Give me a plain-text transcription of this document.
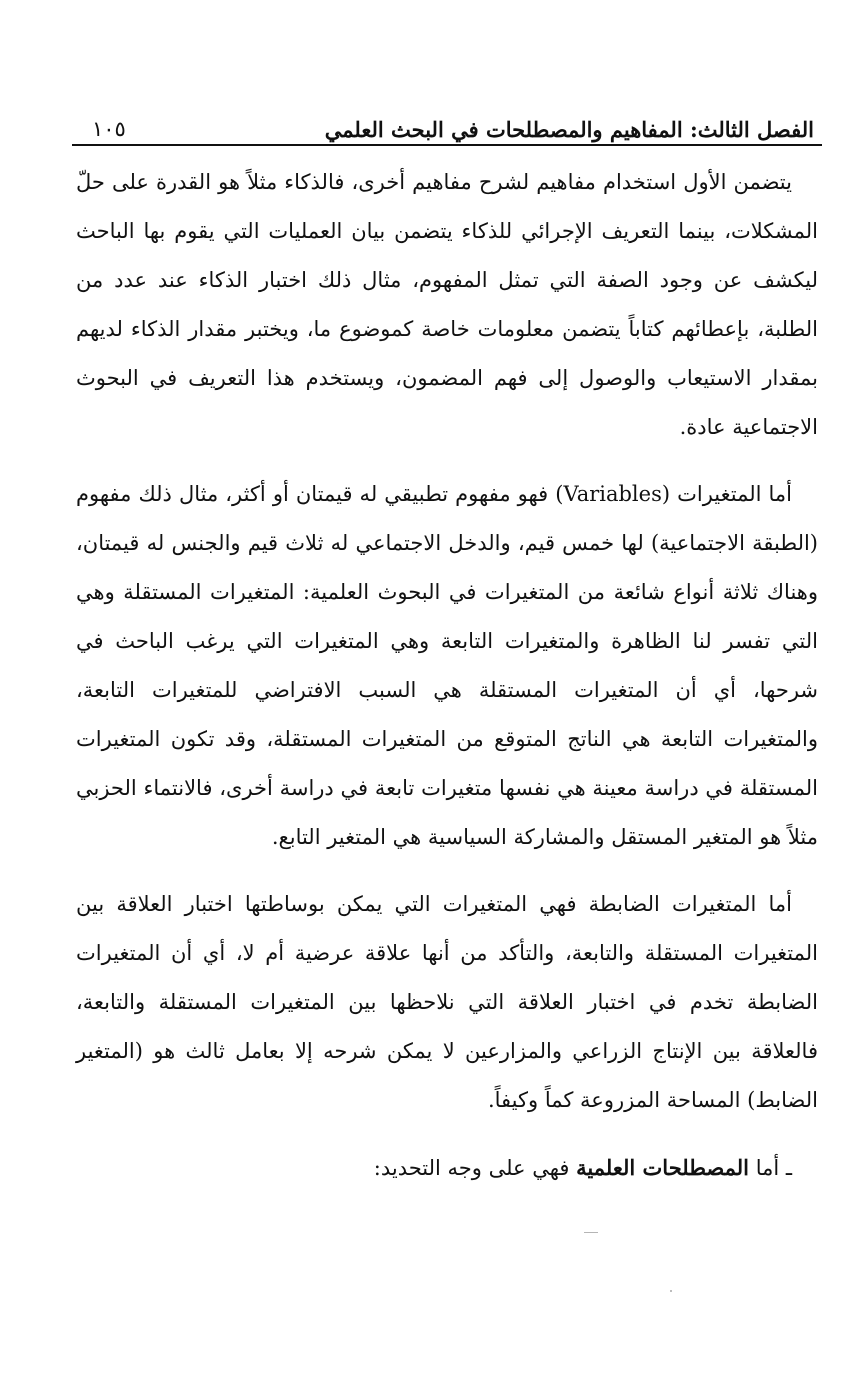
الفصل الثالث: المفاهيم والمصطلحات في البحث العلمي
١٠٥

يتضمن الأول استخدام مفاهيم لشرح مفاهيم أخرى، فالذكاء مثلاً هو القدرة على حلّ المشكلات، بينما التعريف الإجرائي للذكاء يتضمن بيان العمليات التي يقوم بها الباحث ليكشف عن وجود الصفة التي تمثل المفهوم، مثال ذلك اختبار الذكاء عند عدد من الطلبة، بإعطائهم كتاباً يتضمن معلومات خاصة كموضوع ما، ويختبر مقدار الذكاء لديهم بمقدار الاستيعاب والوصول إلى فهم المضمون، ويستخدم هذا التعريف في البحوث الاجتماعية عادة.

أما المتغيرات (Variables) فهو مفهوم تطبيقي له قيمتان أو أكثر، مثال ذلك مفهوم (الطبقة الاجتماعية) لها خمس قيم، والدخل الاجتماعي له ثلاث قيم والجنس له قيمتان، وهناك ثلاثة أنواع شائعة من المتغيرات في البحوث العلمية: المتغيرات المستقلة وهي التي تفسر لنا الظاهرة والمتغيرات التابعة وهي المتغيرات التي يرغب الباحث في شرحها، أي أن المتغيرات المستقلة هي السبب الافتراضي للمتغيرات التابعة، والمتغيرات التابعة هي الناتج المتوقع من المتغيرات المستقلة، وقد تكون المتغيرات المستقلة في دراسة معينة هي نفسها متغيرات تابعة في دراسة أخرى، فالانتماء الحزبي مثلاً هو المتغير المستقل والمشاركة السياسية هي المتغير التابع.

أما المتغيرات الضابطة فهي المتغيرات التي يمكن بوساطتها اختبار العلاقة بين المتغيرات المستقلة والتابعة، والتأكد من أنها علاقة عرضية أم لا، أي أن المتغيرات الضابطة تخدم في اختبار العلاقة التي نلاحظها بين المتغيرات المستقلة والتابعة، فالعلاقة بين الإنتاج الزراعي والمزارعين لا يمكن شرحه إلا بعامل ثالث هو (المتغير الضابط) المساحة المزروعة كماً وكيفاً.

ـ أما المصطلحات العلمية فهي على وجه التحديد:
